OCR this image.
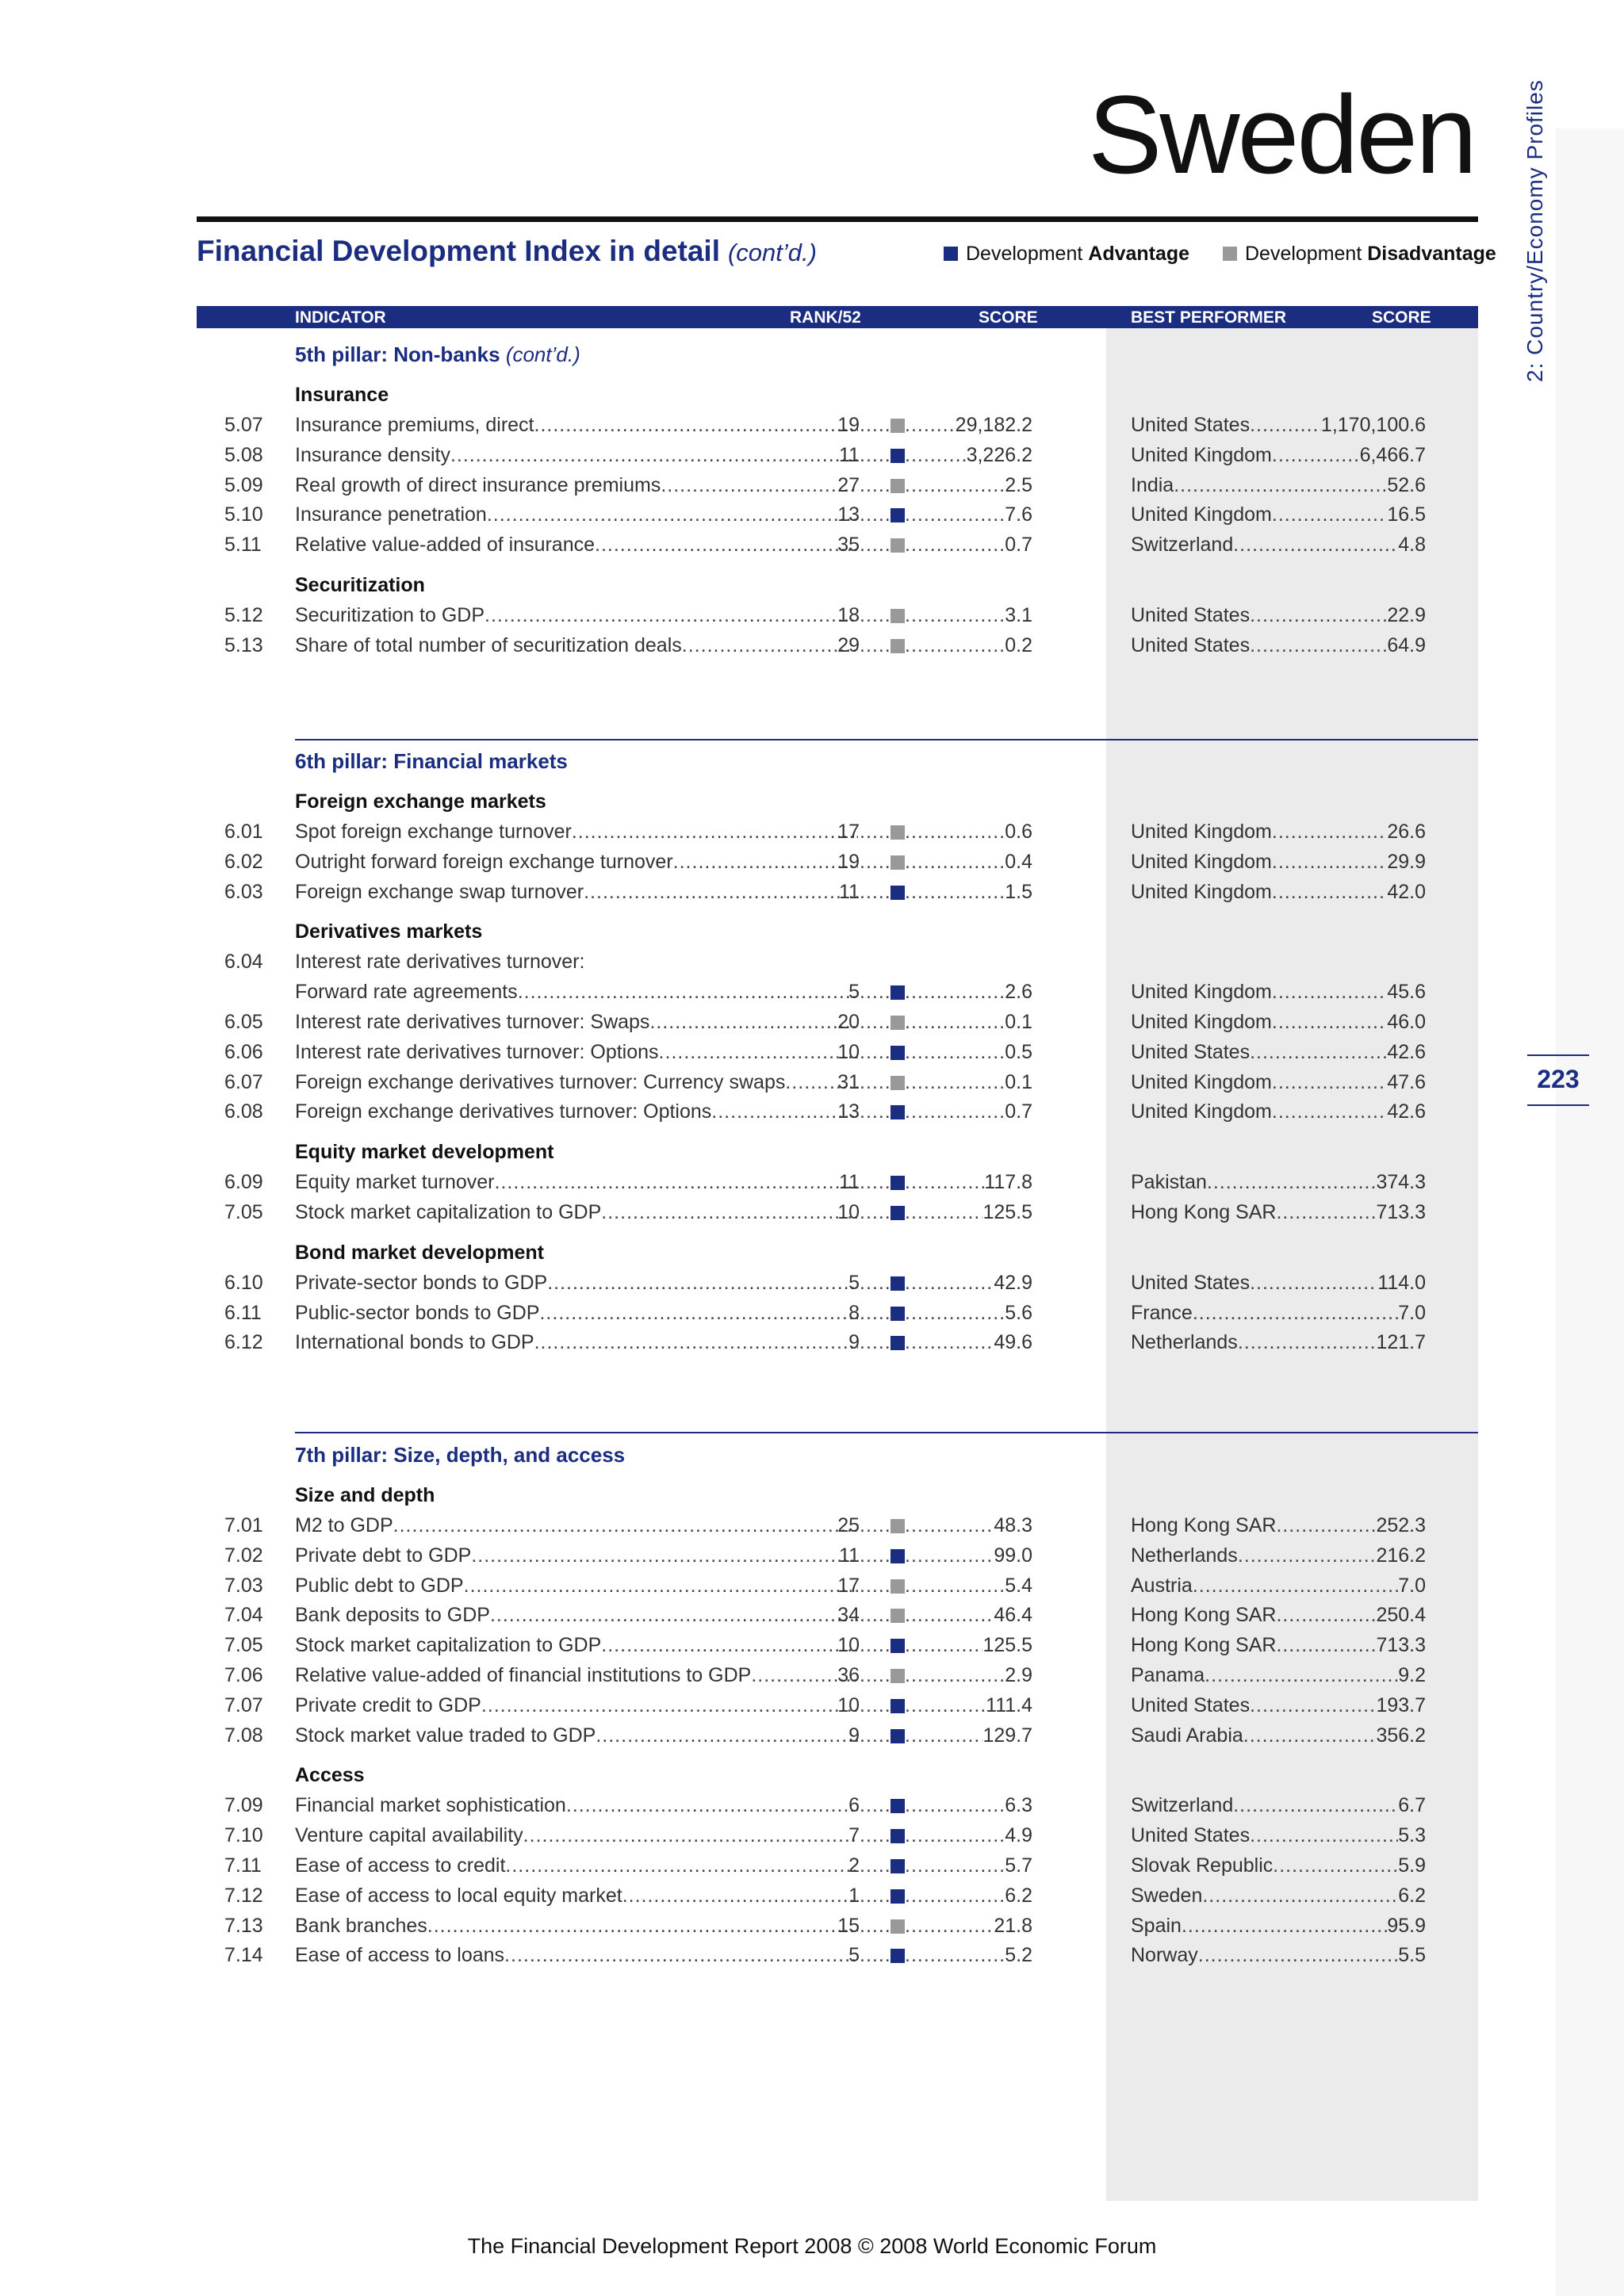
Sweden 2: Country/Economy Profiles
223
Financial Development Index in detail (cont’d.)	Development Advantage	Development Disadvantage
INDICATOR	RANK/52	SCORE	BEST PERFORMER	SCORE
5th pillar: Non-banks (cont’d.)
Insurance
5.07 Insurance premiums, direct .....	19 ..... .....	29,182.2	United States .....	1,170,100.6
5.08 Insurance density .....	11 ..... .....	3,226.2	United Kingdom .....	6,466.7
5.09 Real growth of direct insurance premiums .....	27 ..... .....	2.5	India .....	52.6
5.10 Insurance penetration .....	13 ..... .....	7.6	United Kingdom .....	16.5
5.11 Relative value-added of insurance .....	35 ..... .....	0.7	Switzerland .....	4.8
Securitization
5.12 Securitization to GDP .....	18 ..... .....	3.1	United States .....	22.9
5.13 Share of total number of securitization deals .....	29 ..... .....	0.2	United States .....	64.9
6th pillar: Financial markets
Foreign exchange markets
6.01 Spot foreign exchange turnover .....	17 ..... .....	0.6	United Kingdom .....	26.6
6.02 Outright forward foreign exchange turnover .....	19 ..... .....	0.4	United Kingdom .....	29.9
6.03 Foreign exchange swap turnover .....	11 ..... .....	1.5	United Kingdom .....	42.0
Derivatives markets
6.04 Interest rate derivatives turnover:
Forward rate agreements .....	5 ..... .....	2.6	United Kingdom .....	45.6
6.05 Interest rate derivatives turnover: Swaps .....	20 ..... .....	0.1	United Kingdom .....	46.0
6.06 Interest rate derivatives turnover: Options .....	10 ..... .....	0.5	United States .....	42.6
6.07 Foreign exchange derivatives turnover: Currency swaps .....	31 ..... .....	0.1	United Kingdom .....	47.6
6.08 Foreign exchange derivatives turnover: Options .....	13 ..... .....	0.7	United Kingdom .....	42.6
Equity market development
6.09 Equity market turnover .....	11 ..... .....	117.8	Pakistan .....	374.3
7.05 Stock market capitalization to GDP .....	10 ..... .....	125.5	Hong Kong SAR .....	713.3
Bond market development
6.10 Private-sector bonds to GDP .....	5 ..... .....	42.9	United States .....	114.0
6.11 Public-sector bonds to GDP .....	8 ..... .....	5.6	France .....	7.0
6.12 International bonds to GDP .....	9 ..... .....	49.6	Netherlands .....	121.7
7th pillar: Size, depth, and access
Size and depth
7.01 M2 to GDP .....	25 ..... .....	48.3	Hong Kong SAR .....	252.3
7.02 Private debt to GDP .....	11 ..... .....	99.0	Netherlands .....	216.2
7.03 Public debt to GDP .....	17 ..... .....	5.4	Austria .....	7.0
7.04 Bank deposits to GDP .....	34 ..... .....	46.4	Hong Kong SAR .....	250.4
7.05 Stock market capitalization to GDP .....	10 ..... .....	125.5	Hong Kong SAR .....	713.3
7.06 Relative value-added of financial institutions to GDP .....	36 ..... .....	2.9	Panama .....	9.2
7.07 Private credit to GDP .....	10 ..... .....	111.4	United States .....	193.7
7.08 Stock market value traded to GDP .....	9 ..... .....	129.7	Saudi Arabia .....	356.2
Access
7.09 Financial market sophistication .....	6 ..... .....	6.3	Switzerland .....	6.7
7.10 Venture capital availability .....	7 ..... .....	4.9	United States .....	5.3
7.11 Ease of access to credit .....	2 ..... .....	5.7	Slovak Republic .....	5.9
7.12 Ease of access to local equity market .....	1 ..... .....	6.2	Sweden .....	6.2
7.13 Bank branches .....	15 ..... .....	21.8	Spain .....	95.9
7.14 Ease of access to loans .....	5 ..... .....	5.2	Norway .....	5.5
The Financial Development Report 2008 © 2008 World Economic Forum
